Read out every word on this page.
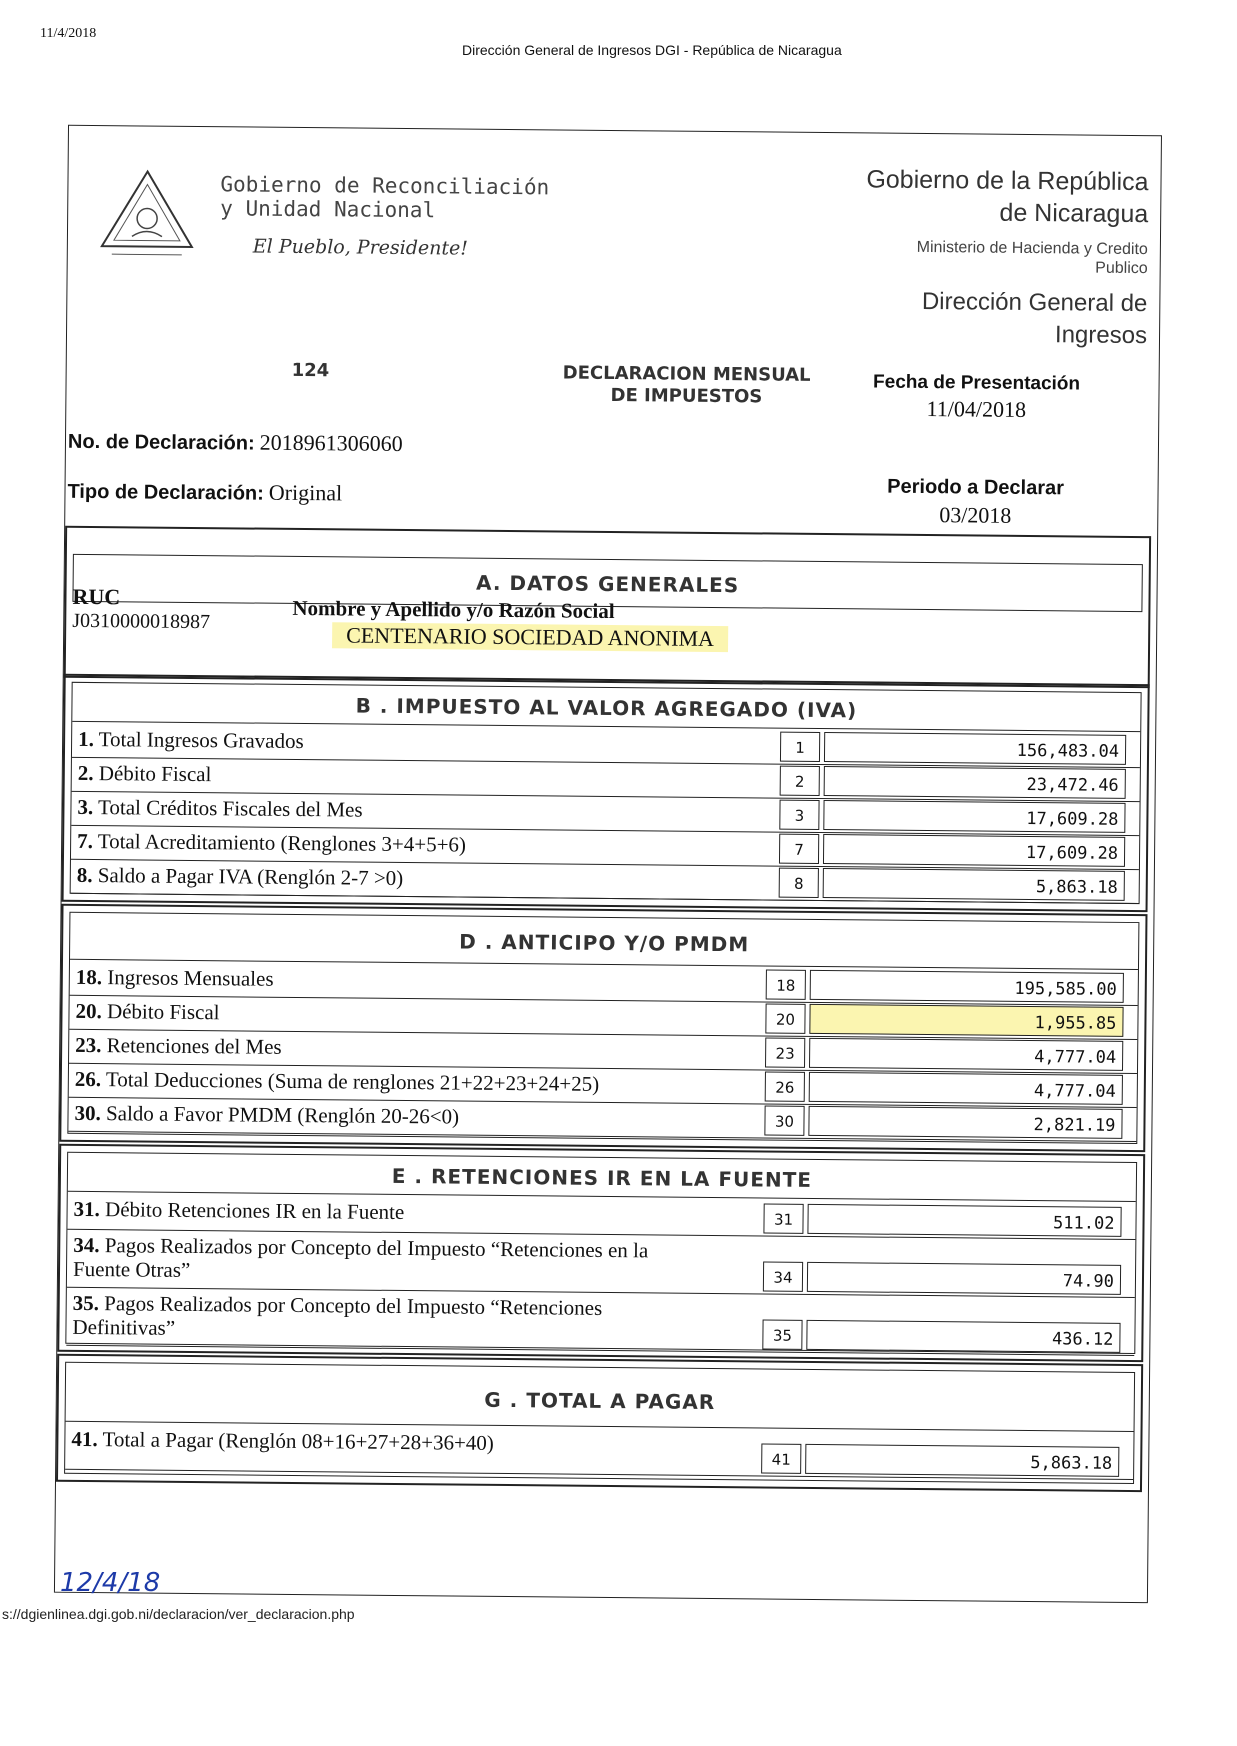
11/4/2018
Dirección General de Ingresos DGI - República de Nicaragua
Gobierno de Reconciliación
y Unidad Nacional
El Pueblo, Presidente!
Gobierno de la República
de Nicaragua
Ministerio de Hacienda y Credito
Publico
Dirección General de
Ingresos
124	DECLARACION MENSUAL
DE IMPUESTOS
Fecha de Presentación
11/04/2018
No. de Declaración: 2018961306060
Tipo de Declaración: Original	Periodo a Declarar
03/2018
A. DATOS GENERALES
RUC
J0310000018987	Nombre y Apellido y/o Razón Social
CENTENARIO SOCIEDAD ANONIMA
B . IMPUESTO AL VALOR AGREGADO (IVA)
1. Total Ingresos Gravados	1	156,483.04
2. Débito Fiscal	2	23,472.46
3. Total Créditos Fiscales del Mes	3	17,609.28
7. Total Acreditamiento (Renglones 3+4+5+6)	7	17,609.28
8. Saldo a Pagar IVA (Renglón 2-7 >0)	8	5,863.18
D . ANTICIPO Y/O PMDM
18. Ingresos Mensuales	18	195,585.00
20. Débito Fiscal	20	1,955.85
23. Retenciones del Mes	23	4,777.04
26. Total Deducciones (Suma de renglones 21+22+23+24+25)	26	4,777.04
30. Saldo a Favor PMDM (Renglón 20-26<0)	30	2,821.19
E . RETENCIONES IR EN LA FUENTE
31. Débito Retenciones IR en la Fuente	31	511.02
34. Pagos Realizados por Concepto del Impuesto “Retenciones en la
Fuente Otras”	34	74.90
35. Pagos Realizados por Concepto del Impuesto “Retenciones
Definitivas”	35	436.12
G . TOTAL A PAGAR
41. Total a Pagar (Renglón 08+16+27+28+36+40)
41	5,863.18
12/4/18
s://dgienlinea.dgi.gob.ni/declaracion/ver_declaracion.php
